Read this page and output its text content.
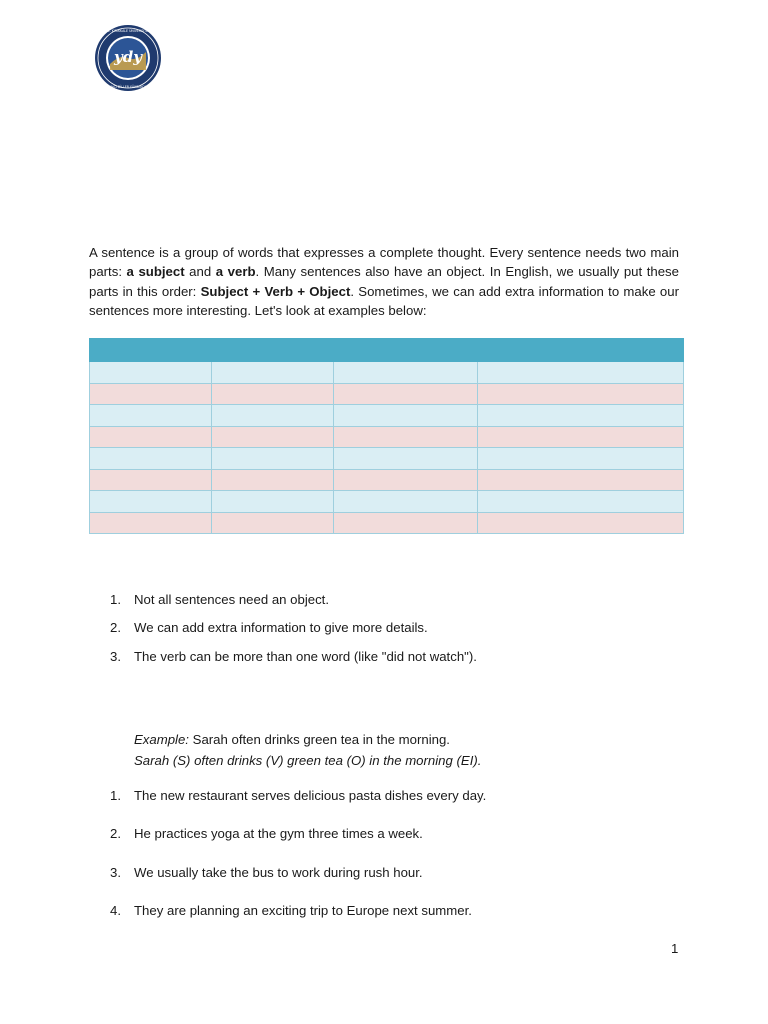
ydy
T.C. KIRIKKALE ÜNİVERSİTESİ
YABANCI DİLLER YÜKSEKOKULU

A sentence is a group of words that expresses a complete thought. Every sentence needs two main parts: a subject and a verb. Many sentences also have an object. In English, we usually put these parts in this order: Subject + Verb + Object. Sometimes, we can add extra information to make our sentences more interesting. Let's look at examples below:

1. Not all sentences need an object.
2. We can add extra information to give more details.
3. The verb can be more than one word (like "did not watch").
Example: Sarah often drinks green tea in the morning.
Sarah (S) often drinks (V) green tea (O) in the morning (EI).
1. The new restaurant serves delicious pasta dishes every day.
2. He practices yoga at the gym three times a week.
3. We usually take the bus to work during rush hour.
4. They are planning an exciting trip to Europe next summer.
1
